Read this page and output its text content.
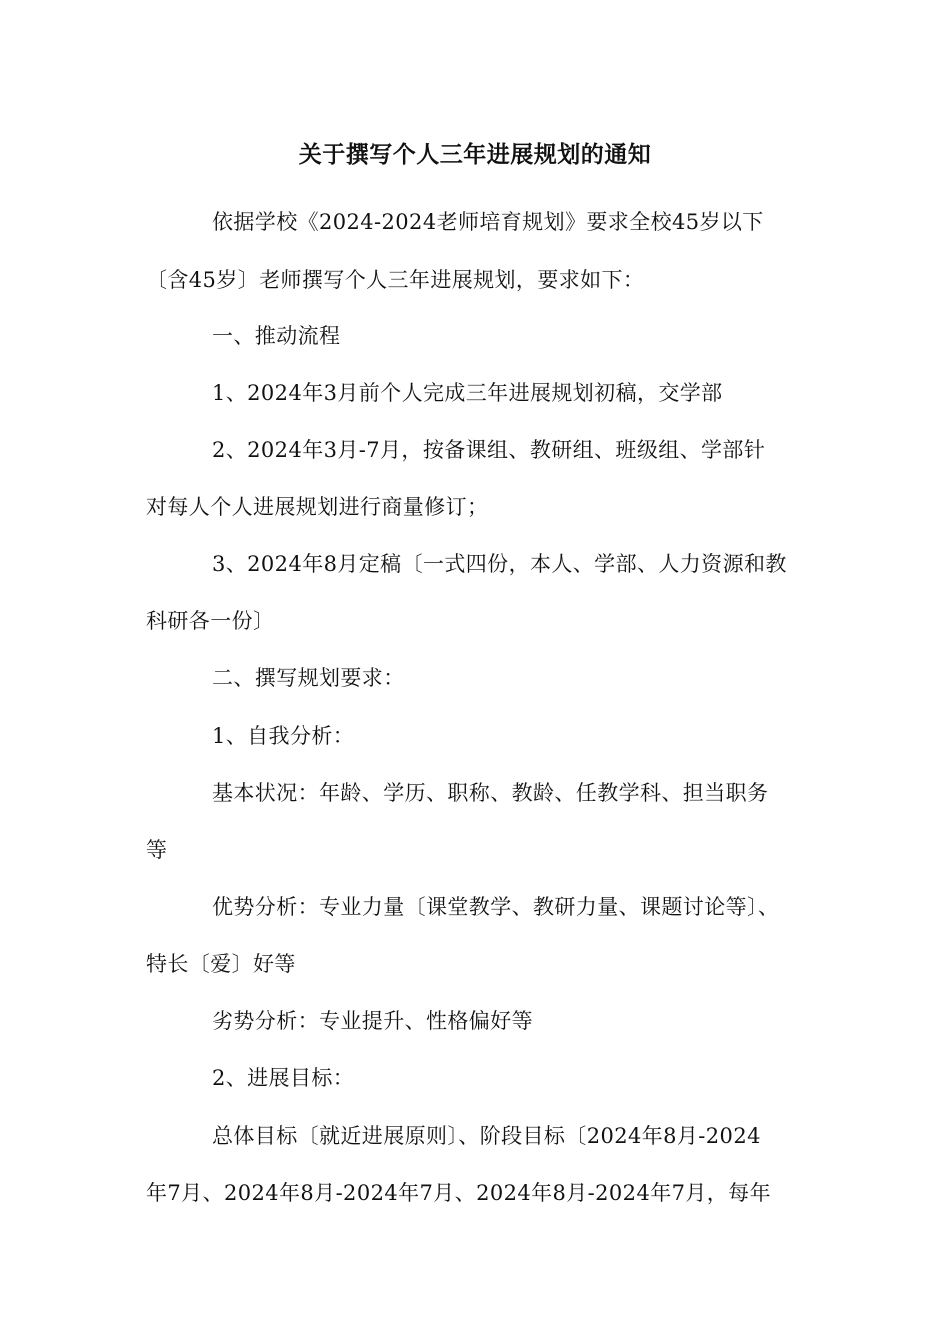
关于撰写个人三年进展规划的通知
依据学校《2024-2024老师培育规划》要求全校45岁以下
〔含45岁〕老师撰写个人三年进展规划，要求如下：
一、推动流程
1、2024年3月前个人完成三年进展规划初稿，交学部
2、2024年3月-7月，按备课组、教研组、班级组、学部针
对每人个人进展规划进行商量修订；
3、2024年8月定稿〔一式四份，本人、学部、人力资源和教
科研各一份〕
二、撰写规划要求：
1、自我分析：
基本状况：年龄、学历、职称、教龄、任教学科、担当职务
等
优势分析：专业力量〔课堂教学、教研力量、课题讨论等〕、
特长〔爱〕好等
劣势分析：专业提升、性格偏好等
2、进展目标：
总体目标〔就近进展原则〕、阶段目标〔2024年8月-2024
年7月、2024年8月-2024年7月、2024年8月-2024年7月，每年
